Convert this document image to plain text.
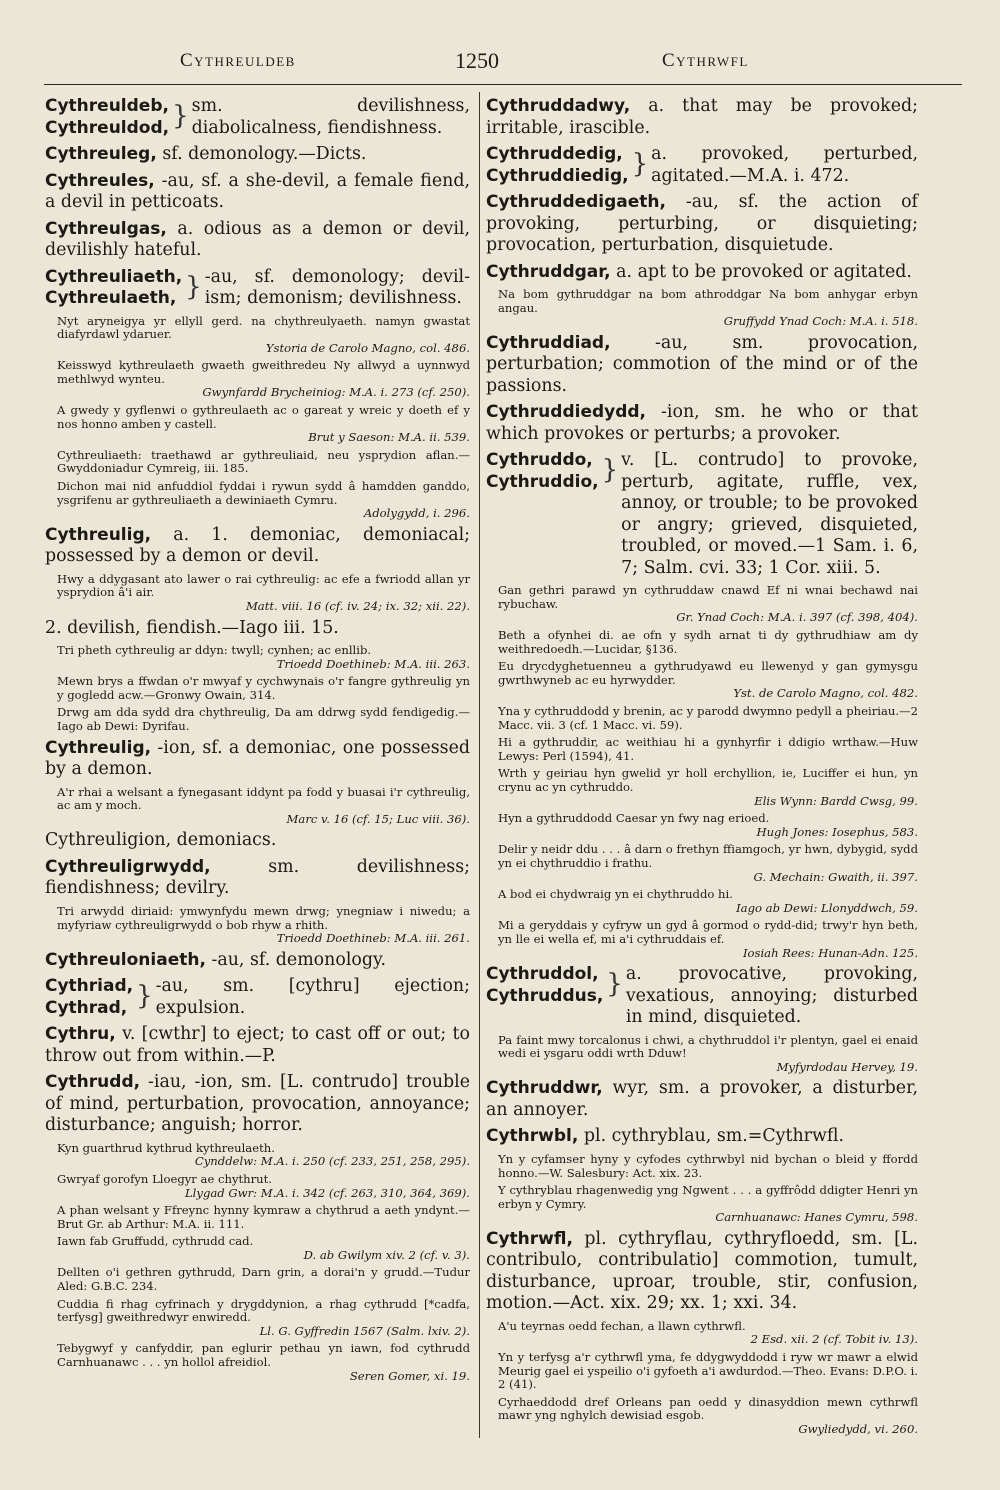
Cythreuldeb	1250	Cythrwfl
Cythreuldeb,
Cythreuldod, } sm. devilishness, diabolicalness, fiendishness.
Cythreuleg, sf. demonology.—Dicts.
Cythreules, -au, sf. a she-devil, a female fiend, a devil in petticoats.
Cythreulgas, a. odious as a demon or devil, devilishly hateful.
Cythreuliaeth,
Cythreulaeth, } -au, sf. demonology; devil-ism; demonism; devilishness.
Nyt aryneigya yr ellyll gerd. na chythreulyaeth. namyn gwastat diafyrdawl ydaruer.
Ystoria de Carolo Magno, col. 486.
Keisswyd kythreulaeth gwaeth gweithredeu Ny allwyd a uynnwyd methlwyd wynteu.
Gwynfardd Brycheiniog: M.A. i. 273 (cf. 250).
A gwedy y gyflenwi o gythreulaeth ac o gareat y wreic y doeth ef y nos honno amben y castell.
Brut y Saeson: M.A. ii. 539.
Cythreuliaeth: traethawd ar gythreuliaid, neu ysprydion aflan.—Gwyddoniadur Cymreig, iii. 185.
Dichon mai nid anfuddiol fyddai i rywun sydd â hamdden ganddo, ysgrifenu ar gythreuliaeth a dewiniaeth Cymru.
Adolygydd, i. 296.
Cythreulig, a. 1. demoniac, demoniacal; possessed by a demon or devil.
Hwy a ddygasant ato lawer o rai cythreulig: ac efe a fwriodd allan yr ysprydion â'i air.
Matt. viii. 16 (cf. iv. 24; ix. 32; xii. 22).
2. devilish, fiendish.—Iago iii. 15.
Tri pheth cythreulig ar ddyn: twyll; cynhen; ac enllib.
Trioedd Doethineb: M.A. iii. 263.
Mewn brys a ffwdan o'r mwyaf y cychwynais o'r fangre gythreulig yn y gogledd acw.—Gronwy Owain, 314.
Drwg am dda sydd dra chythreulig, Da am ddrwg sydd fendigedig.—Iago ab Dewi: Dyrifau.
Cythreulig, -ion, sf. a demoniac, one possessed by a demon.
A'r rhai a welsant a fynegasant iddynt pa fodd y buasai i'r cythreulig, ac am y moch.
Marc v. 16 (cf. 15; Luc viii. 36).
Cythreuligion, demoniacs.
Cythreuligrwydd,	sm. devilishness; fiendishness; devilry.
Tri arwydd diriaid: ymwynfydu mewn drwg; ynegniaw i niwedu; a myfyriaw cythreuligrwydd o bob rhyw a rhith.
Trioedd Doethineb: M.A. iii. 261.
Cythreuloniaeth, -au, sf. demonology.
Cythriad,
Cythrad, } -au, sm. [cythru] ejection; expulsion.
Cythru, v. [cwthr] to eject; to cast off or out; to throw out from within.—P.
Cythrudd, -iau, -ion, sm. [L. contrudo] trouble of mind, perturbation, provocation, annoyance; disturbance; anguish; horror.
Kyn guarthrud kythrud kythreulaeth.
Cynddelw: M.A. i. 250 (cf. 233, 251, 258, 295).
Gwryaf gorofyn Lloegyr ae chythrut.
Llygad Gwr: M.A. i. 342 (cf. 263, 310, 364, 369).
A phan welsant y Ffreync hynny kymraw a chythrud a aeth yndynt.—Brut Gr. ab Arthur: M.A. ii. 111.
Iawn fab Gruffudd, cythrudd cad.
D. ab Gwilym xiv. 2 (cf. v. 3).
Dellten o'i gethren gythrudd, Darn grin, a dorai'n y grudd.—Tudur Aled: G.B.C. 234.
Cuddia fi rhag cyfrinach y drygddynion, a rhag cythrudd [*cadfa, terfysg] gweithredwyr enwiredd.
Ll. G. Gyffredin 1567 (Salm. lxiv. 2).
Tebygwyf y canfyddir, pan eglurir pethau yn iawn, fod cythrudd Carnhuanawc . . . yn hollol afreidiol.
Seren Gomer, xi. 19.
Cythruddadwy, a. that may be provoked; irritable, irascible.
Cythruddedig,
Cythruddiedig, } a. provoked, perturbed, agitated.—M.A. i. 472.
Cythruddedigaeth, -au, sf. the action of provoking, perturbing, or disquieting; provocation, perturbation, disquietude.
Cythruddgar, a. apt to be provoked or agitated.
Na bom gythruddgar na bom athroddgar Na bom anhygar erbyn angau.
Gruffydd Ynad Coch: M.A. i. 518.
Cythruddiad,	-au, sm. provocation, perturbation; commotion of the mind or of the passions.
Cythruddiedydd, -ion, sm. he who or that which provokes or perturbs; a provoker.
Cythruddo,
Cythruddio, } v. [L. contrudo] to provoke, perturb, agitate, ruffle, vex, annoy, or trouble; to be provoked or angry; grieved, disquieted, troubled, or moved.—1 Sam. i. 6, 7; Salm. cvi. 33; 1 Cor. xiii. 5.
Gan gethri parawd yn cythruddaw cnawd Ef ni wnai bechawd nai rybuchaw.
Gr. Ynad Coch: M.A. i. 397 (cf. 398, 404).
Beth a ofynhei di. ae ofn y sydh arnat ti dy gythrudhiaw am dy weithredoedh.—Lucidar, §136.
Eu drycdyghetuenneu a gythrudyawd eu llewenyd y gan gymysgu gwrthwyneb ac eu hyrwydder.
Yst. de Carolo Magno, col. 482.
Yna y cythruddodd y brenin, ac y parodd dwymno pedyll a pheiriau.—2 Macc. vii. 3 (cf. 1 Macc. vi. 59).
Hi a gythruddir, ac weithiau hi a gynhyrfir i ddigio wrthaw.—Huw Lewys: Perl (1594), 41.
Wrth y geiriau hyn gwelid yr holl erchyllion, ie, Luciffer ei hun, yn crynu ac yn cythruddo.
Elis Wynn: Bardd Cwsg, 99.
Hyn a gythruddodd Caesar yn fwy nag erioed.
Hugh Jones: Iosephus, 583.
Delir y neidr ddu . . . â darn o frethyn ffiamgoch, yr hwn, dybygid, sydd yn ei chythruddio i frathu.
G. Mechain: Gwaith, ii. 397.
A bod ei chydwraig yn ei chythruddo hi.
Iago ab Dewi: Llonyddwch, 59.
Mi a geryddais y cyfryw un gyd â gormod o rydd-did; trwy'r hyn beth, yn lle ei wella ef, mi a'i cythruddais ef.
Iosiah Rees: Hunan-Adn. 125.
Cythruddol,
Cythruddus, } a. provocative, provoking, vexatious, annoying; disturbed in mind, disquieted.
Pa faint mwy torcalonus i chwi, a chythruddol i'r plentyn, gael ei enaid wedi ei ysgaru oddi wrth Dduw!
Myfyrdodau Hervey, 19.
Cythruddwr, wyr, sm. a provoker, a disturber, an annoyer.
Cythrwbl, pl. cythryblau, sm.=Cythrwfl.
Yn y cyfamser hyny y cyfodes cythrwbyl nid bychan o bleid y ffordd honno.—W. Salesbury: Act. xix. 23.
Y cythryblau rhagenwedig yng Ngwent . . . a gyffrôdd ddigter Henri yn erbyn y Cymry.
Carnhuanawc: Hanes Cymru, 598.
Cythrwfl, pl. cythryflau, cythryfloedd, sm. [L. contribulo, contribulatio] commotion, tumult, disturbance, uproar, trouble, stir, confusion, motion.—Act. xix. 29; xx. 1; xxi. 34.
A'u teyrnas oedd fechan, a llawn cythrwfl.
2 Esd. xii. 2 (cf. Tobit iv. 13).
Yn y terfysg a'r cythrwfl yma, fe ddygwyddodd i ryw wr mawr a elwid Meurig gael ei yspeilio o'i gyfoeth a'i awdurdod.—Theo. Evans: D.P.O. i. 2 (41).
Cyrhaeddodd dref Orleans pan oedd y dinasyddion mewn cythrwfl mawr yng nghylch dewisiad esgob.
Gwyliedydd, vi. 260.
